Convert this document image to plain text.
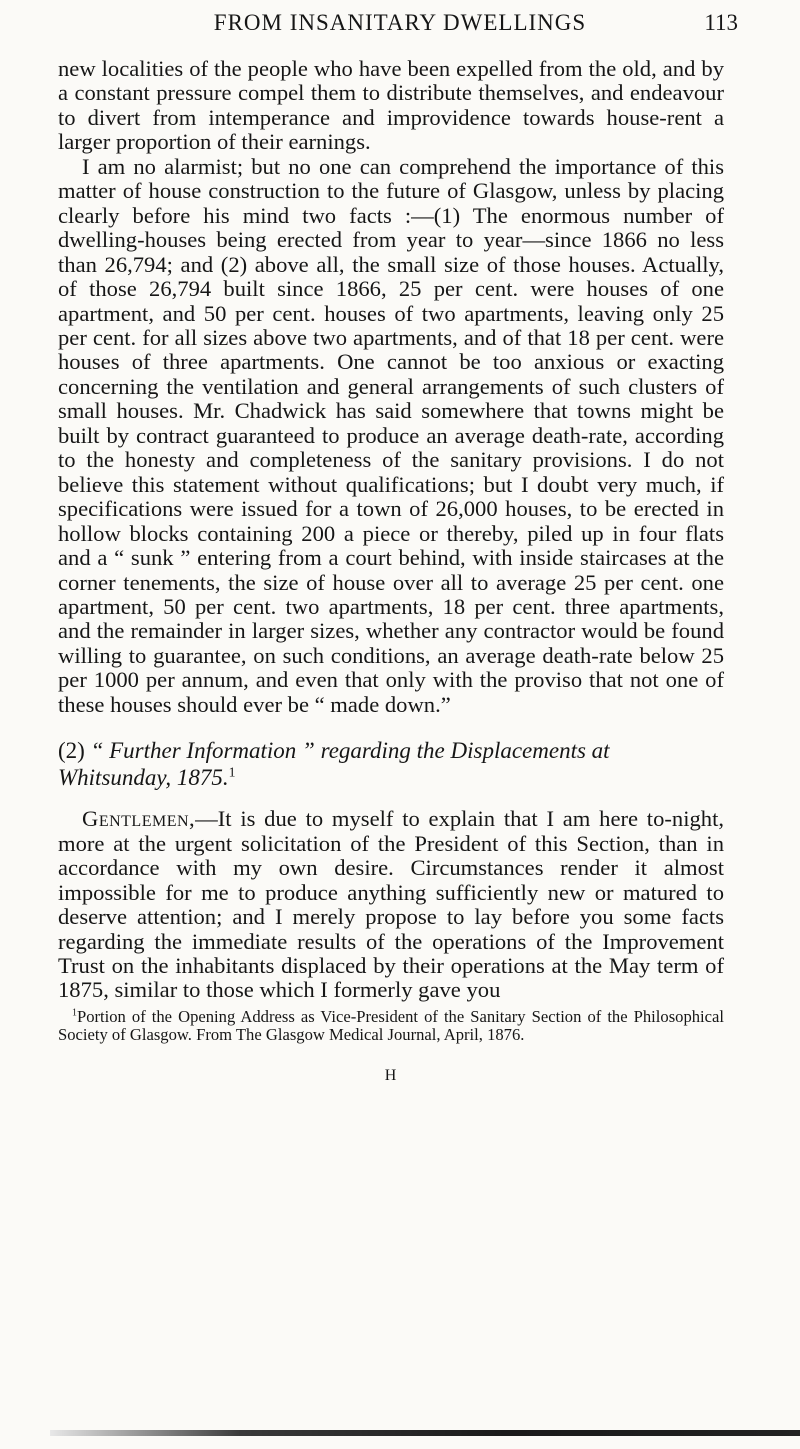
FROM INSANITARY DWELLINGS	113

new localities of the people who have been expelled from the old, and by a constant pressure compel them to distribute themselves, and endeavour to divert from intemperance and improvidence towards house-rent a larger proportion of their earnings.

I am no alarmist; but no one can comprehend the importance of this matter of house construction to the future of Glasgow, unless by placing clearly before his mind two facts :—(1) The enormous number of dwelling-houses being erected from year to year—since 1866 no less than 26,794; and (2) above all, the small size of those houses. Actually, of those 26,794 built since 1866, 25 per cent. were houses of one apartment, and 50 per cent. houses of two apartments, leaving only 25 per cent. for all sizes above two apartments, and of that 18 per cent. were houses of three apartments. One cannot be too anxious or exacting concerning the ventilation and general arrangements of such clusters of small houses. Mr. Chadwick has said somewhere that towns might be built by contract guaranteed to produce an average death-rate, according to the honesty and completeness of the sanitary provisions. I do not believe this statement without qualifications; but I doubt very much, if specifications were issued for a town of 26,000 houses, to be erected in hollow blocks containing 200 a piece or thereby, piled up in four flats and a “ sunk ” entering from a court behind, with inside staircases at the corner tenements, the size of house over all to average 25 per cent. one apartment, 50 per cent. two apartments, 18 per cent. three apartments, and the remainder in larger sizes, whether any contractor would be found willing to guarantee, on such conditions, an average death-rate below 25 per 1000 per annum, and even that only with the proviso that not one of these houses should ever be “ made down.”

(2) “ Further Information ” regarding the Displacements at Whitsunday, 1875.$^1$

Gentlemen,—It is due to myself to explain that I am here to-night, more at the urgent solicitation of the President of this Section, than in accordance with my own desire. Circumstances render it almost impossible for me to produce anything sufficiently new or matured to deserve attention; and I merely propose to lay before you some facts regarding the immediate results of the operations of the Improvement Trust on the inhabitants displaced by their operations at the May term of 1875, similar to those which I formerly gave you

$^1$Portion of the Opening Address as Vice-President of the Sanitary Section of the Philosophical Society of Glasgow. From The Glasgow Medical Journal, April, 1876.
H
